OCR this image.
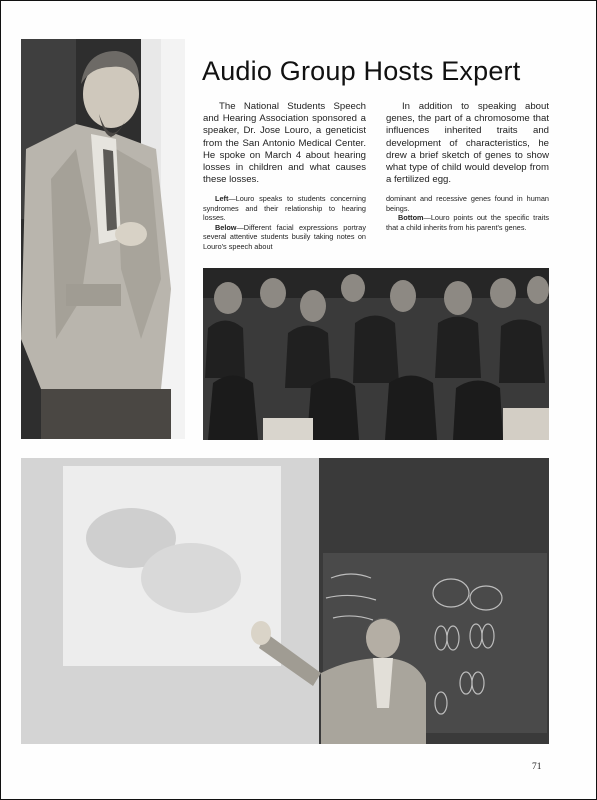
Audio Group Hosts Expert
The National Students Speech and Hearing Association sponsored a speaker, Dr. Jose Louro, a geneticist from the San Antonio Medical Center. He spoke on March 4 about hearing losses in children and what causes these losses.
In addition to speaking about genes, the part of a chromosome that influences inherited traits and development of characteristics, he drew a brief sketch of genes to show what type of child would develop from a fertilized egg.

Left—Louro speaks to students concerning syndromes and their relationship to hearing losses.

Below—Different facial expressions portray several attentive students busily taking notes on Louro's speech about

dominant and recessive genes found in human beings.

Bottom—Louro points out the specific traits that a child inherits from his parent's genes.

71
